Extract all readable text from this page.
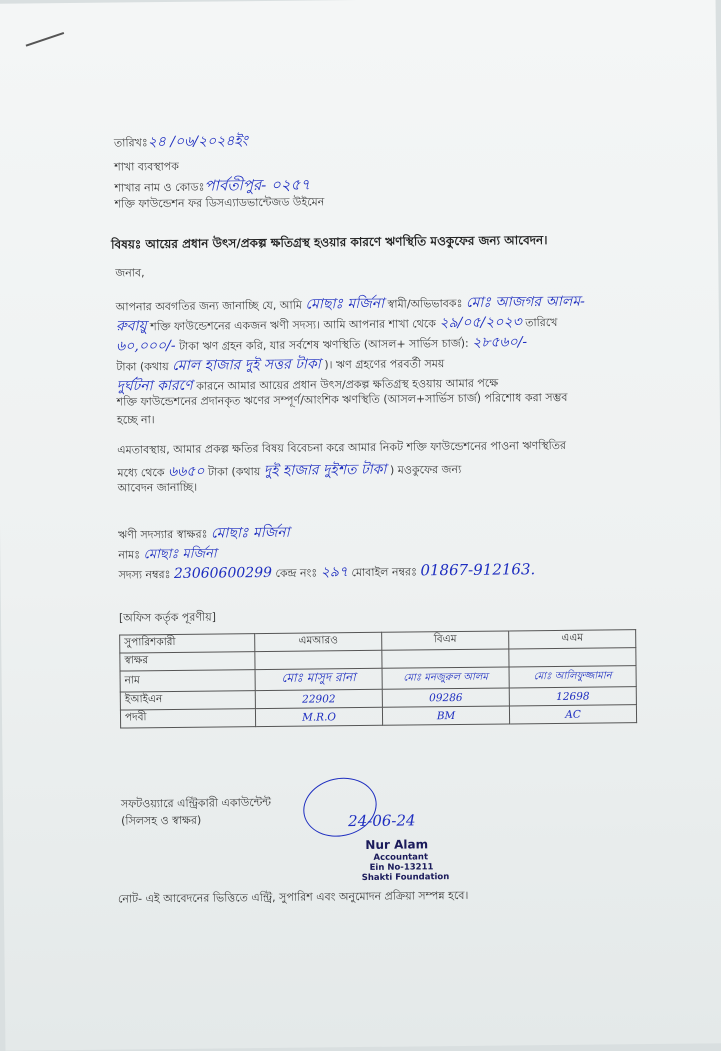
তারিখঃ২৪ /০৬/২০২৪ইং
শাখা ব্যবস্থাপক
শাখার নাম ও কোডঃপার্বতীপুর- ০২৫৭
শক্তি ফাউন্ডেশন ফর ডিসএ্যাডভান্টেজড উইমেন
বিষয়ঃ আয়ের প্রধান উৎস/প্রকল্প ক্ষতিগ্রস্থ হওয়ার কারণে ঋণস্থিতি মওকুফের জন্য আবেদন।
জনাব,
আপনার অবগতির জন্য জানাচ্ছি যে, আমি মোছাঃ মর্জিনা স্বামী/অভিভাবকঃ মোঃ আজগর আলম-
রুবায়ু শক্তি ফাউন্ডেশনের একজন ঋণী সদস্য। আমি আপনার শাখা থেকে ২৯/০৫/২০২৩ তারিখে
৬০,০০০/- টাকা ঋণ গ্রহন করি, যার সর্বশেষ ঋণস্থিতি (আসল+ সার্ভিস চার্জ): ২৮৫৬০/-
টাকা (কথায় মোল হাজার দুই সত্তর টাকা )। ঋণ গ্রহণের পরবর্তী সময়
দুর্ঘটনা কারণে কারনে আমার আয়ের প্রধান উৎস/প্রকল্প ক্ষতিগ্রস্থ হওয়ায় আমার পক্ষে
শক্তি ফাউন্ডেশনের প্রদানকৃত ঋণের সম্পূর্ণ/আংশিক ঋণস্থিতি (আসল+সার্ভিস চার্জ) পরিশোধ করা সম্ভব
হচ্ছে না।
এমতাবস্থায়, আমার প্রকল্প ক্ষতির বিষয় বিবেচনা করে আমার নিকট শক্তি ফাউন্ডেশনের পাওনা ঋণস্থিতির
মধ্যে থেকে ৬৬৫০ টাকা (কথায় দুই হাজার দুইশত টাকা ) মওকুফের জন্য
আবেদন জানাচ্ছি।
ঋণী সদস্যার স্বাক্ষরঃ মোছাঃ মর্জিনা
নামঃ মোছাঃ মর্জিনা
সদস্য নম্বরঃ 23060600299 কেন্দ্র নংঃ ২৯৭ মোবাইল নম্বরঃ 01867-912163.
[অফিস কর্তৃক পূরণীয়]
সুপারিশকারী	এমআরও	বিএম	এএম
স্বাক্ষর			
নাম	মোঃ মাসুদ রানা	মোঃ মনজুরুল আলম	মোঃ আলিফুজ্জামান
ইআইএন	22902	09286	12698
পদবী	M.R.O	BM	AC
সফটওয়্যারে এন্ট্রিকারী একাউন্টেন্ট
(সিলসহ ও স্বাক্ষর)	24-06-24
Nur Alam
Accountant
Ein No-13211
Shakti Foundation
নোট- এই আবেদনের ভিত্তিতে এন্ট্রি, সুপারিশ এবং অনুমোদন প্রক্রিয়া সম্পন্ন হবে।
